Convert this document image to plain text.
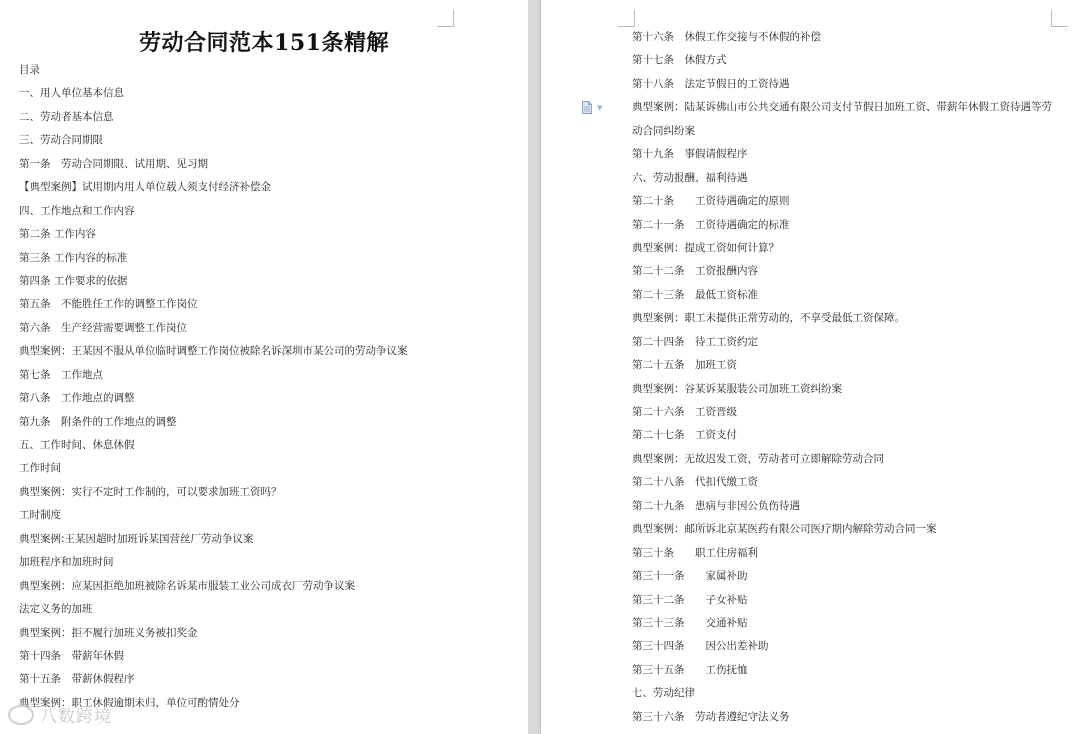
劳动合同范本151条精解
目录
一、用人单位基本信息
二、劳动者基本信息
三、劳动合同期限
第一条　劳动合同期限、试用期、见习期
【典型案例】试用期内用人单位载人须支付经济补偿金
四、工作地点和工作内容
第二条 工作内容
第三条 工作内容的标准
第四条 工作要求的依据
第五条　不能胜任工作的调整工作岗位
第六条　生产经营需要调整工作岗位
典型案例：王某因不服从单位临时调整工作岗位被除名诉深圳市某公司的劳动争议案
第七条　工作地点
第八条　工作地点的调整
第九条　附条件的工作地点的调整
五、工作时间、休息休假
工作时间
典型案例：实行不定时工作制的，可以要求加班工资吗？
工时制度
典型案例:王某因超时加班诉某国营丝厂劳动争议案
加班程序和加班时间
典型案例：应某因拒绝加班被除名诉某市服装工业公司成衣厂劳动争议案
法定义务的加班
典型案例：拒不履行加班义务被扣奖金
第十四条　带薪年休假
第十五条　带薪休假程序
典型案例：职工休假逾期未归，单位可酌情处分
第十六条　休假工作交接与不休假的补偿
第十七条　休假方式
第十八条　法定节假日的工资待遇
典型案例：陆某诉佛山市公共交通有限公司支付节假日加班工资、带薪年休假工资待遇等劳
动合同纠纷案
第十九条　事假请假程序
六、劳动报酬、福利待遇
第二十条　　工资待遇确定的原则
第二十一条　工资待遇确定的标准
典型案例：提成工资如何计算？
第二十二条　工资报酬内容
第二十三条　最低工资标准
典型案例：职工未提供正常劳动的，不享受最低工资保障。
第二十四条　待工工资约定
第二十五条　加班工资
典型案例：谷某诉某服装公司加班工资纠纷案
第二十六条　工资晋级
第二十七条　工资支付
典型案例：无故迟发工资，劳动者可立即解除劳动合同
第二十八条　代扣代缴工资
第二十九条　患病与非因公负伤待遇
典型案例：邮所诉北京某医药有限公司医疗期内解除劳动合同一案
第三十条　　职工住房福利
第三十一条　　家属补助
第三十二条　　子女补贴
第三十三条　　交通补贴
第三十四条　　因公出差补助
第三十五条　　工伤抚恤
七、劳动纪律
第三十六条　劳动者遵纪守法义务
▼
八数跨境
